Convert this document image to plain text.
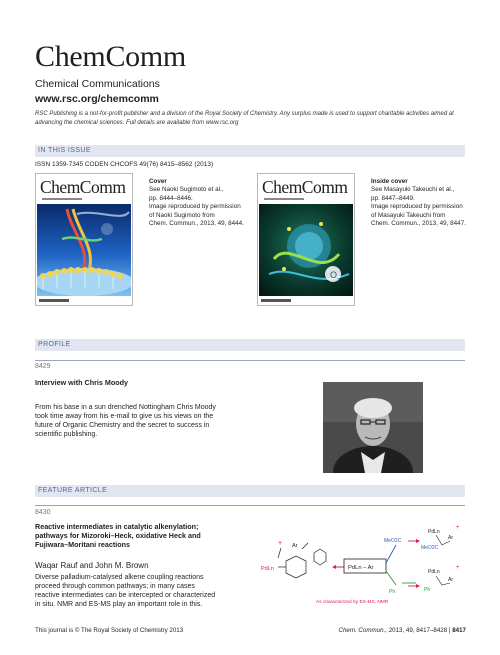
ChemComm
Chemical Communications
www.rsc.org/chemcomm
RSC Publishing is a not-for-profit publisher and a division of the Royal Society of Chemistry. Any surplus made is used to support charitable activities aimed at advancing the chemical sciences. Full details are available from www.rsc.org
IN THIS ISSUE
ISSN 1359-7345 CODEN CHCOFS 49(76) 8415–8562 (2013)
ChemComm	Cover
See Naoki Sugimoto et al.,
pp. 8444–8446.
Image reproduced by permission
of Naoki Sugimoto from
Chem. Commun., 2013, 49, 8444.
ChemComm
O
2
Inside cover
See Masayuki Takeuchi et al.,
pp. 8447–8449.
Image reproduced by permission
of Masayuki Takeuchi from
Chem. Commun., 2013, 49, 8447.
PROFILE
8429
Interview with Chris Moody
From his base in a sun drenched Nottingham Chris Moody
took time away from his e-mail to give us his views on the
future of Organic Chemistry and the secret to success in
scientific publishing.
FEATURE ARTICLE
8430
Reactive intermediates in catalytic alkenylation;
pathways for Mizoroki–Heck, oxidative Heck and
Fujiwara–Moritani reactions
Waqar Rauf and John M. Brown
Diverse palladium-catalysed alkene coupling reactions
proceed through common pathways; in many cases
reactive intermediates can be intercepted or characterized
in situ. NMR and ES-MS play an important role in this.
PdLn
Ar
+
PdLn – Ar
MeO2C
PdLn
Ar
MeO2C
+
Ph
PdLn
Ar
Ph
+
As characterized by ES-MS, NMR
This journal is © The Royal Society of Chemistry 2013	Chem. Commun., 2013, 49, 8417–8428 | 8417
